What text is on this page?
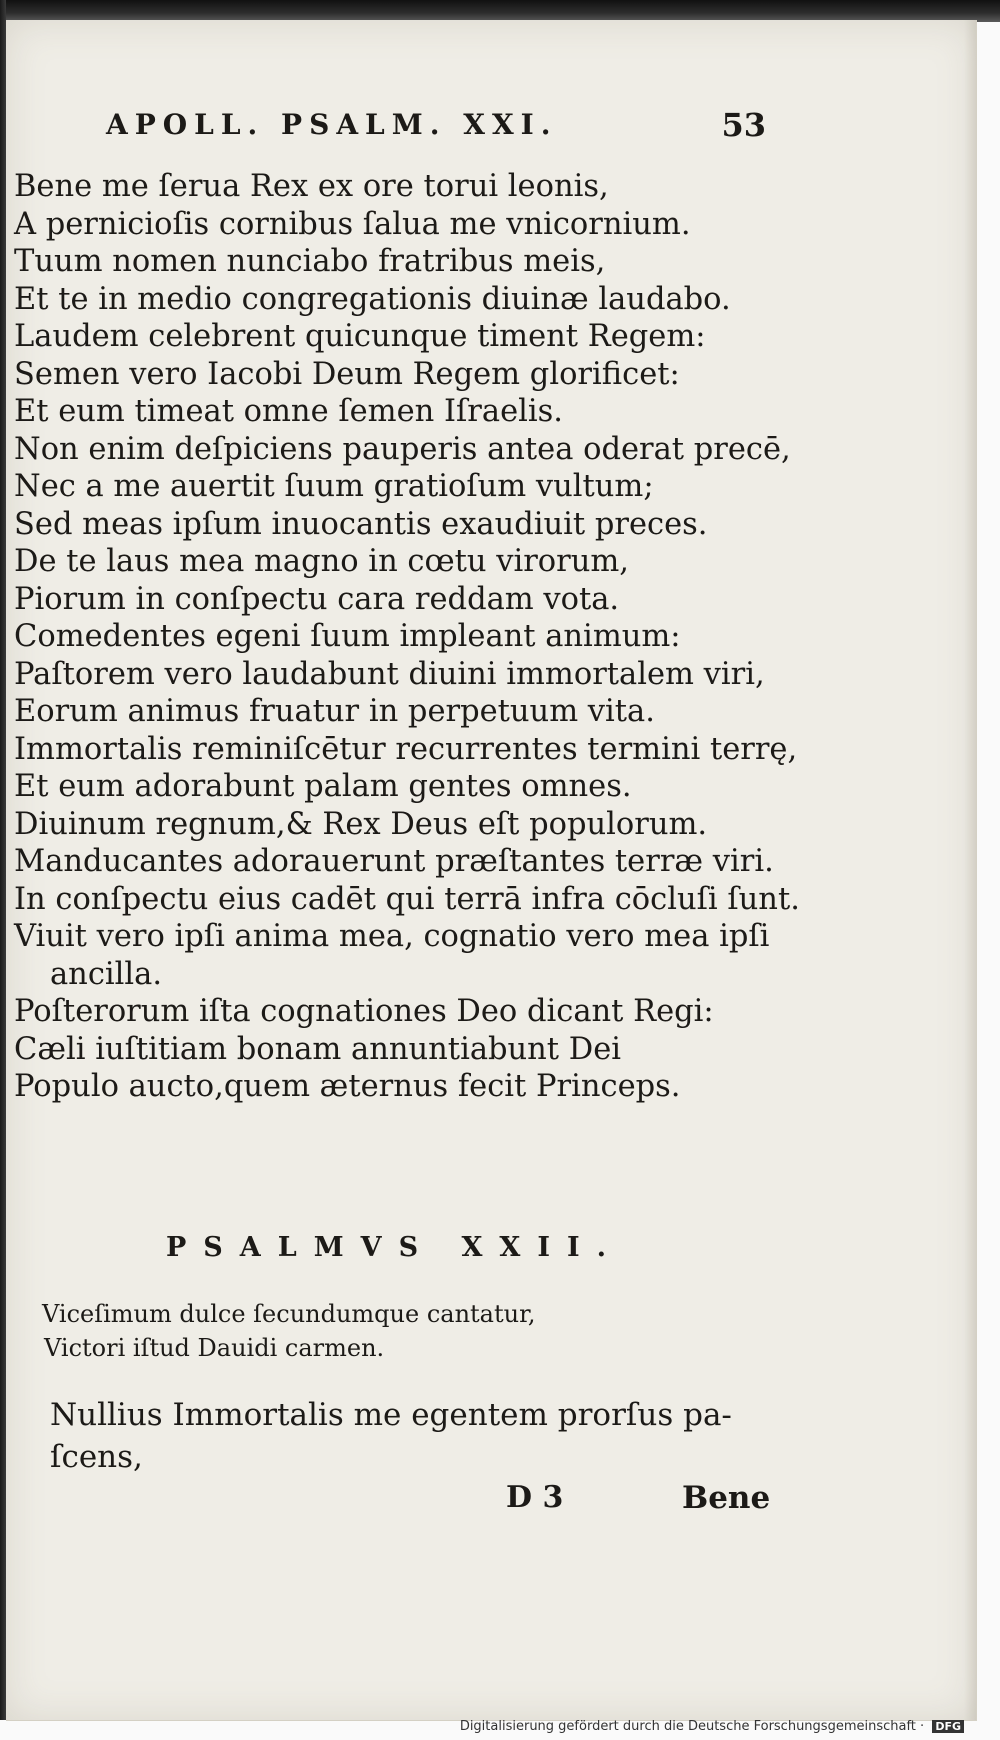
APOLL. PSALM. XXI.	53
Bene me ſerua Rex ex ore torui leonis,
A pernicioſis cornibus ſalua me vnicornium.
Tuum nomen nunciabo fratribus meis,
Et te in medio congregationis diuinæ laudabo.
Laudem celebrent quicunque timent Regem:
Semen vero Iacobi Deum Regem glorificet:
Et eum timeat omne ſemen Iſraelis.
Non enim deſpiciens pauperis antea oderat precē,
Nec a me auertit ſuum gratioſum vultum;
Sed meas ipſum inuocantis exaudiuit preces.
De te laus mea magno in cœtu virorum,
Piorum in conſpectu cara reddam vota.
Comedentes egeni ſuum impleant animum:
Paſtorem vero laudabunt diuini immortalem viri,
Eorum animus fruatur in perpetuum vita.
Immortalis reminiſcētur recurrentes termini terrę,
Et eum adorabunt palam gentes omnes.
Diuinum regnum,& Rex Deus eſt populorum.
Manducantes adorauerunt præſtantes terræ viri.
In conſpectu eius cadēt qui terrā infra cōcluſi ſunt.
Viuit vero ipſi anima mea, cognatio vero mea ipſi
ancilla.
Poſterorum iſta cognationes Deo dicant Regi:
Cæli iuſtitiam bonam annuntiabunt Dei
Populo aucto,quem æternus fecit Princeps.
PSALMVS XXII.
Viceſimum dulce ſecundumque cantatur,
Victori iſtud Dauidi carmen.
Nullius Immortalis me egentem prorſus pa-
ſcens,
D 3	Bene
Digitalisierung gefördert durch die Deutsche Forschungsgemeinschaft · DFG
